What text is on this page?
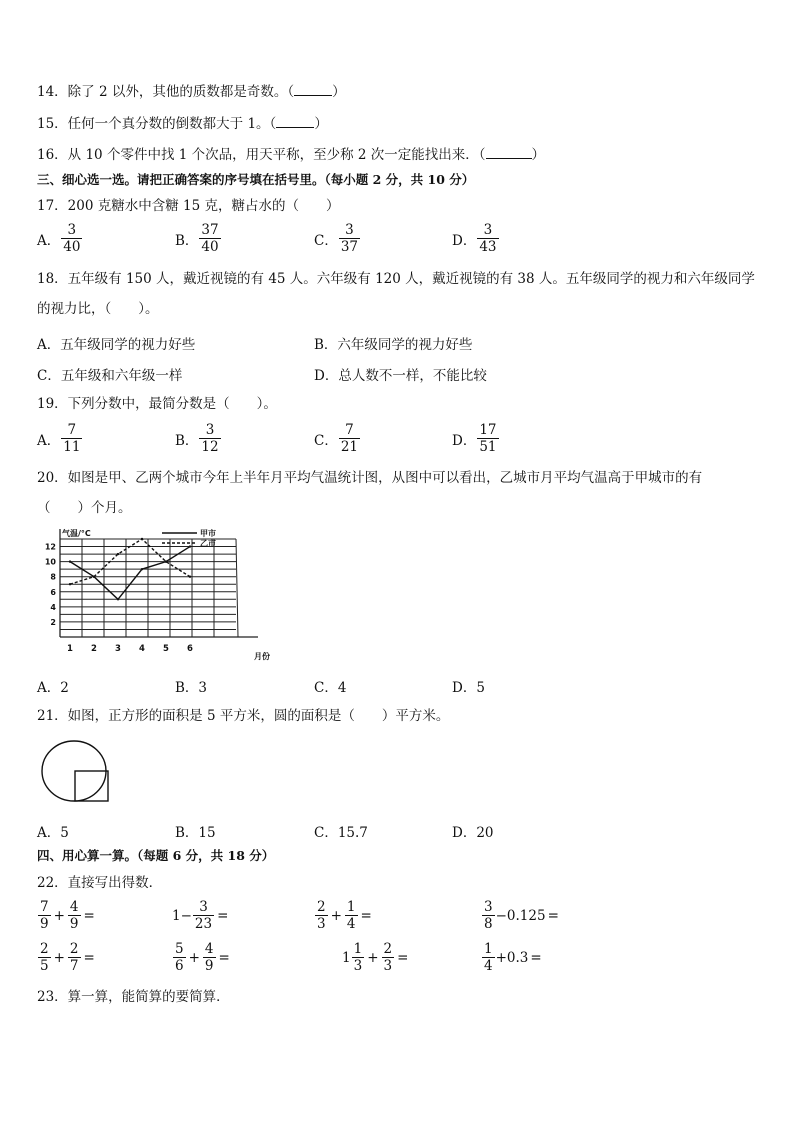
14．除了 2 以外，其他的质数都是奇数。（	）
15．任何一个真分数的倒数都大于 1。（	）
16．从 10 个零件中找 1 个次品，用天平称，至少称 2 次一定能找出来．（	）
三、细心选一选。请把正确答案的序号填在括号里。（每小题 2 分，共 10 分）
17．200 克糖水中含糖 15 克，糖占水的（　　）
A． $\frac{3}{40}$	B． $\frac{37}{40}$	C． $\frac{3}{37}$	D． $\frac{3}{43}$
18．五年级有 150 人，戴近视镜的有 45 人。六年级有 120 人，戴近视镜的有 38 人。五年级同学的视力和六年级同学
的视力比，（　　）。
A．五年级同学的视力好些	B．六年级同学的视力好些
C．五年级和六年级一样	D．总人数不一样，不能比较
19．下列分数中，最简分数是（　　）。
A． $\frac{7}{11}$	B． $\frac{3}{12}$	C． $\frac{7}{21}$	D． $\frac{17}{51}$
20．如图是甲、乙两个城市今年上半年月平均气温统计图，从图中可以看出，乙城市月平均气温高于甲城市的有
（　　）个月。
2
4
6
8
10
12
1 2 3 4 5 6
气温/°C
月份
甲市
乙市
A．2	B．3	C．4	D．5
21．如图，正方形的面积是 5 平方米，圆的面积是（　　）平方米。
A．5	B．15	C．15.7	D．20
四、用心算一算。（每题 6 分，共 18 分）
22．直接写出得数．
$\frac{7}{9} + \frac{4}{9}$ =	$1- \frac{3}{23}$ =	$\frac{2}{3} + \frac{1}{4}$ =	$\frac{3}{8} -0.125$ =
$\frac{2}{5} + \frac{2}{7}$ =	$\frac{5}{6} + \frac{4}{9}$ =	$1 \frac{1}{3} + \frac{2}{3}$ =	$\frac{1}{4} +0.3$ =
23．算一算，能简算的要简算．
